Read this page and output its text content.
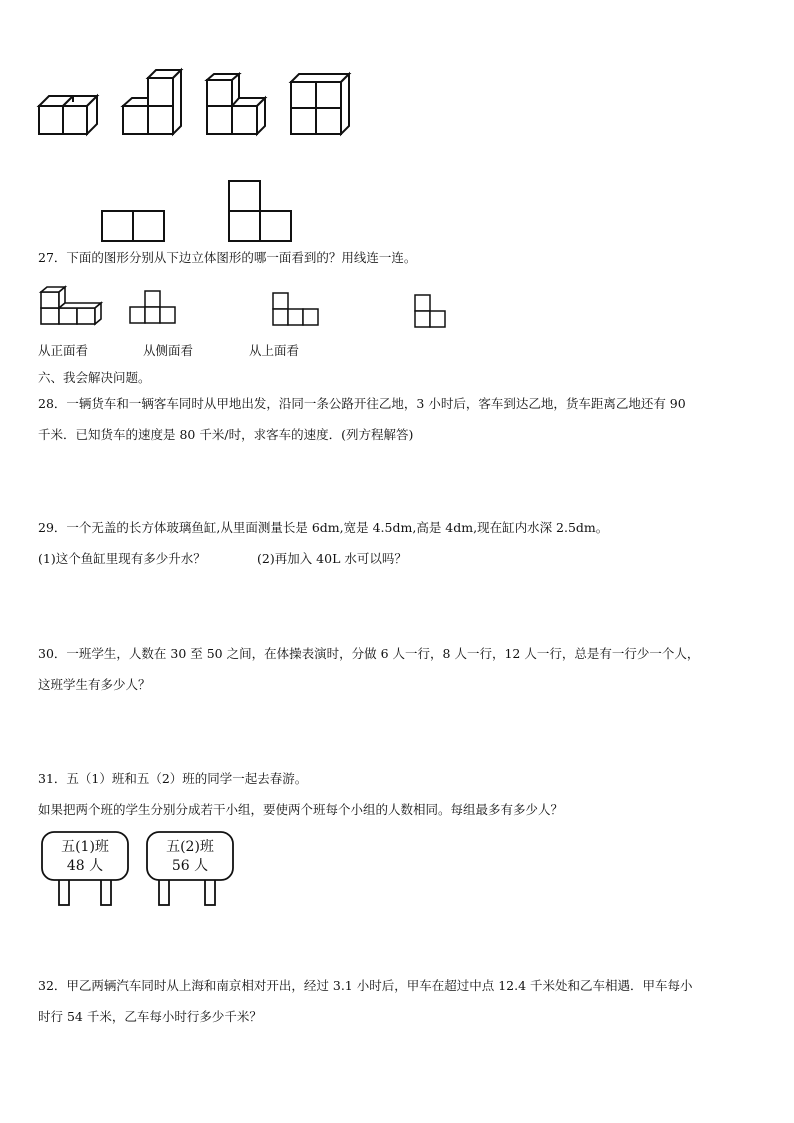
27．下面的图形分别从下边立体图形的哪一面看到的？用线连一连。
从正面看	从侧面看	从上面看
六、我会解决问题。
28．一辆货车和一辆客车同时从甲地出发，沿同一条公路开往乙地，3 小时后，客车到达乙地，货车距离乙地还有 90
千米．已知货车的速度是 80 千米/时，求客车的速度．(列方程解答)
29．一个无盖的长方体玻璃鱼缸,从里面测量长是 6dm,宽是 4.5dm,高是 4dm,现在缸内水深 2.5dm。
(1)这个鱼缸里现有多少升水？	(2)再加入 40L 水可以吗？
30．一班学生，人数在 30 至 50 之间，在体操表演时，分做 6 人一行，8 人一行，12 人一行，总是有一行少一个人，
这班学生有多少人？
31．五（1）班和五（2）班的同学一起去春游。
如果把两个班的学生分别分成若干小组，要使两个班每个小组的人数相同。每组最多有多少人？
五(1)班
48 人
五(2)班
56 人
32．甲乙两辆汽车同时从上海和南京相对开出，经过 3.1 小时后，甲车在超过中点 12.4 千米处和乙车相遇．甲车每小
时行 54 千米，乙车每小时行多少千米？
